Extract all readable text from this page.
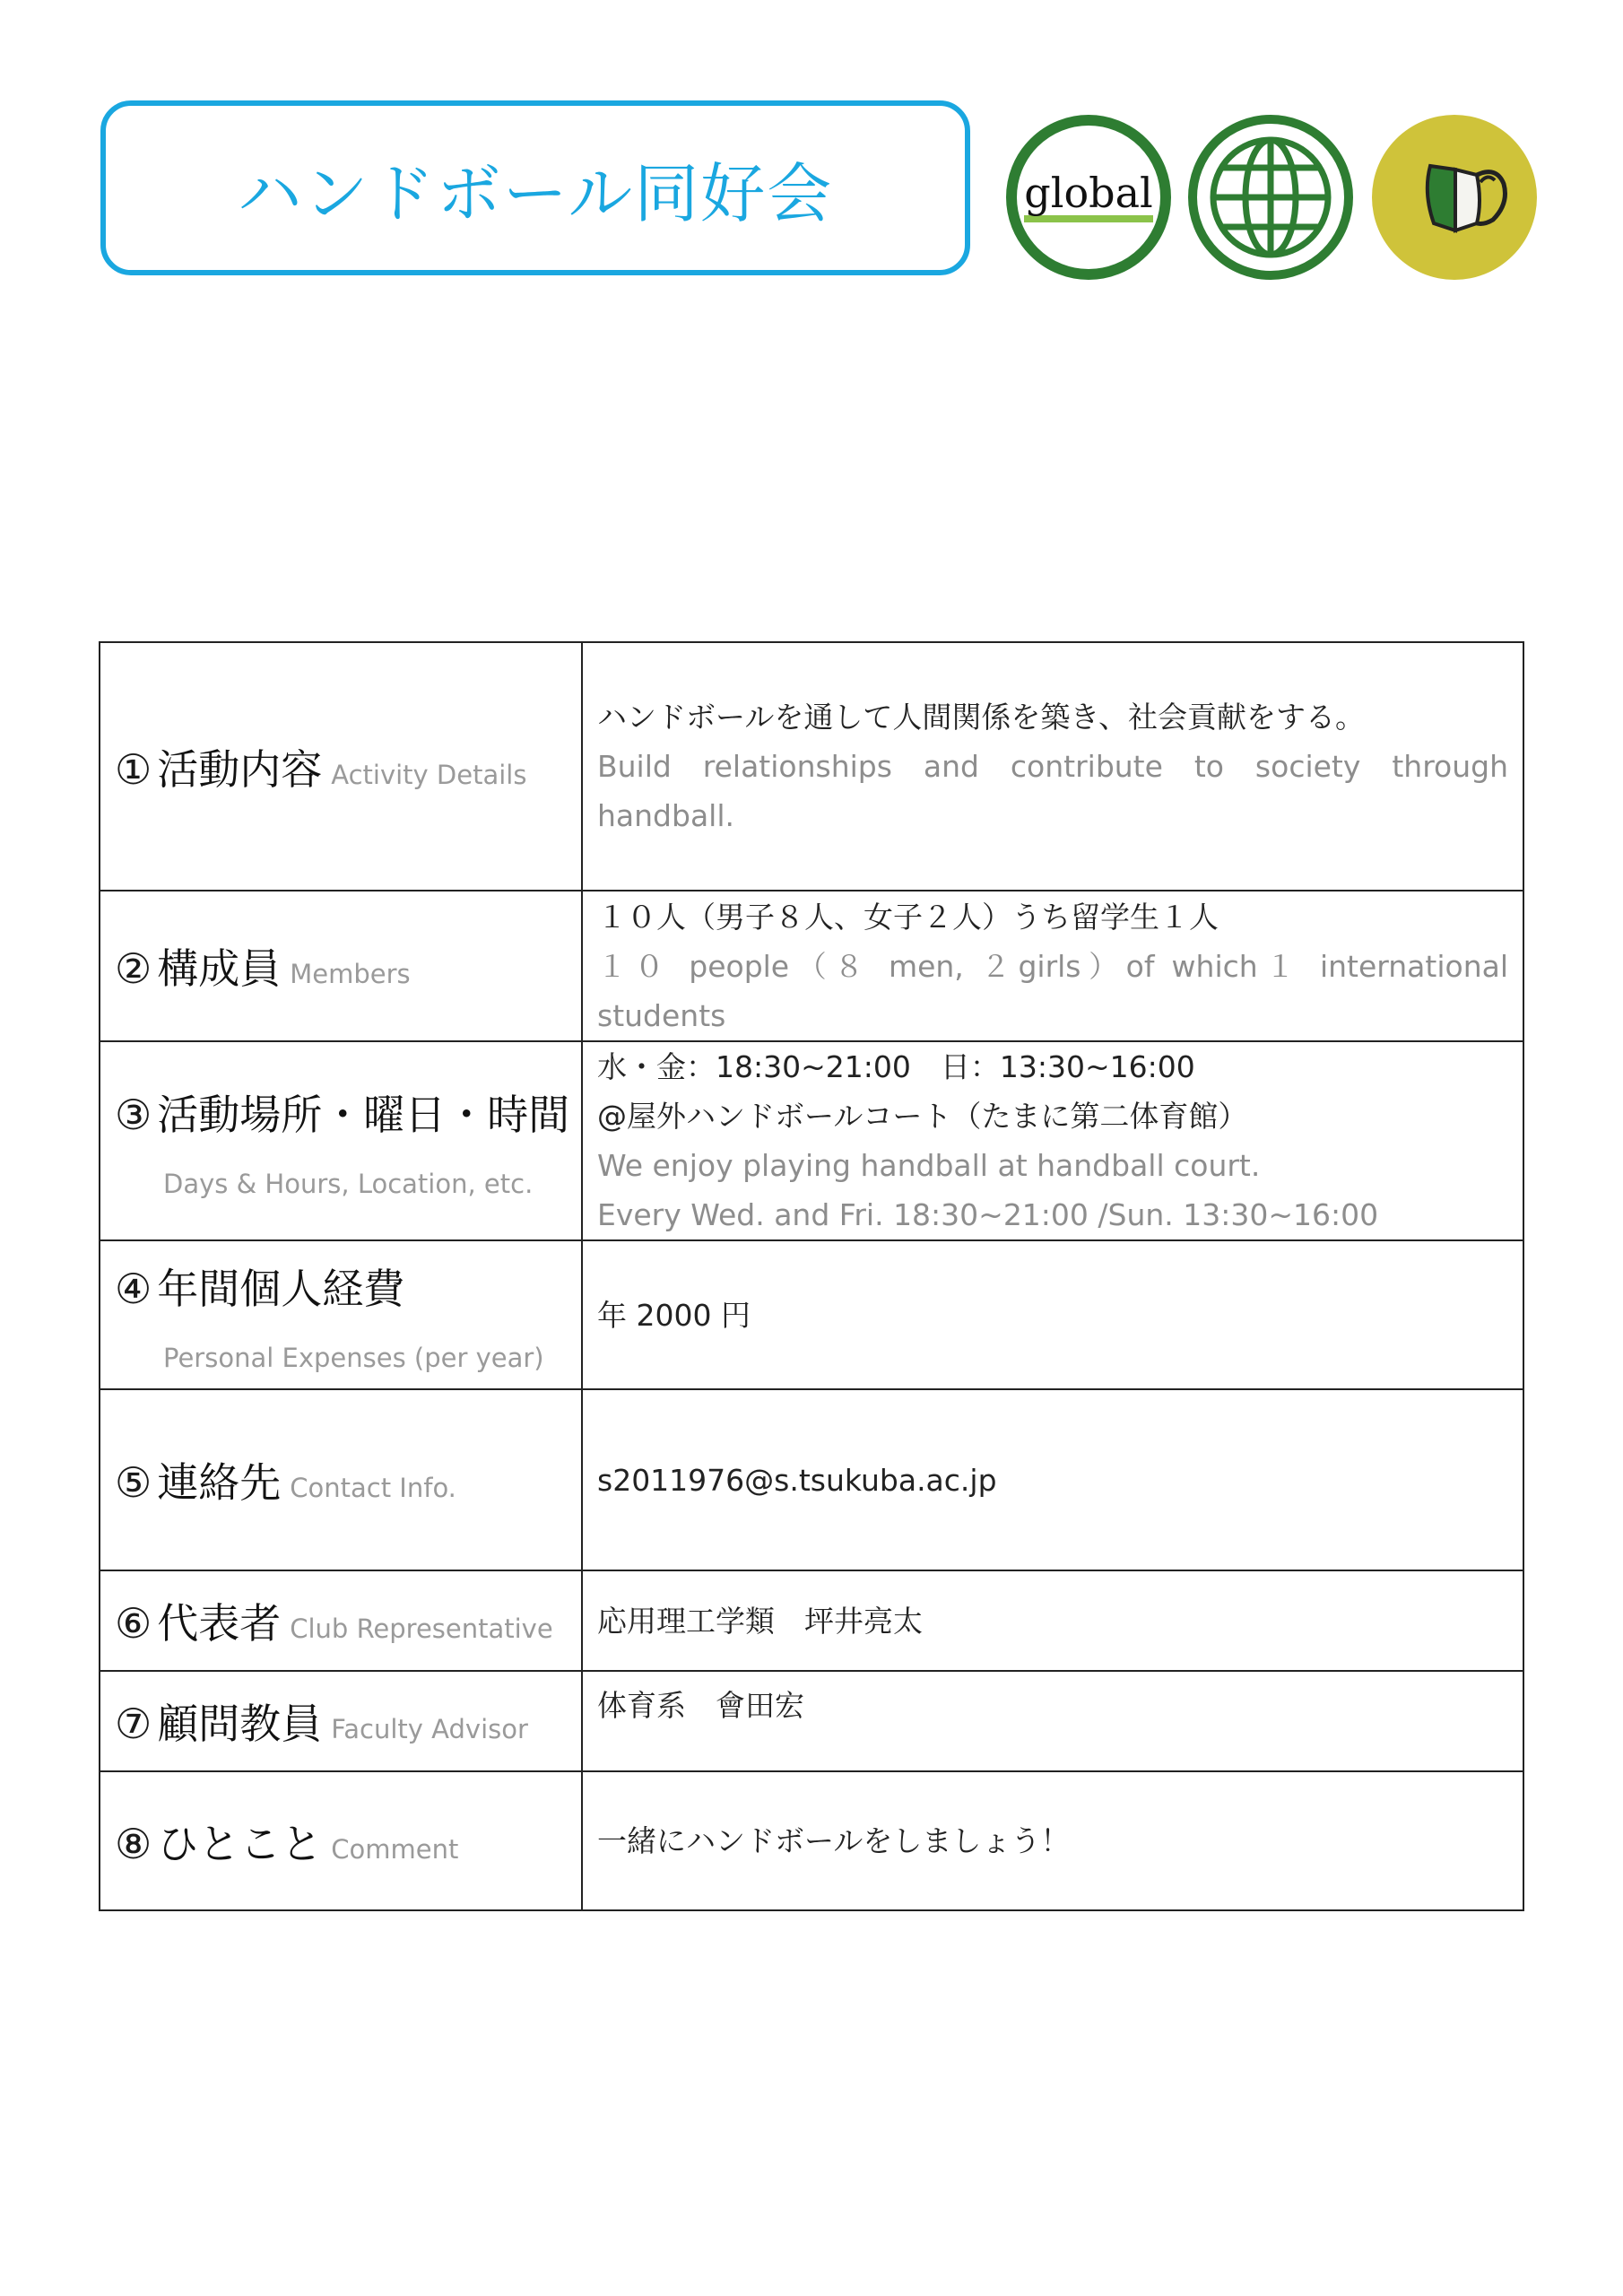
ハンドボール同好会	global
① 活動内容 Activity Details	ハンドボールを通して人間関係を築き、社会貢献をする。
Build relationships and contribute to society through handball.

② 構成員 Members	１０人（男子８人、女子２人）うち留学生１人
１０ people（８ men, ２girls）of which１ international students

③ 活動場所・曜日・時間
Days & Hours, Location, etc.	水・金：18:30~21:00　日：13:30~16:00
@屋外ハンドボールコート（たまに第二体育館）
We enjoy playing handball at handball court.
Every Wed. and Fri. 18:30~21:00 /Sun. 13:30~16:00

④ 年間個人経費
Personal Expenses (per year)	年 2000 円

⑤ 連絡先 Contact Info.	s2011976@s.tsukuba.ac.jp

⑥ 代表者 Club Representative	応用理工学類　坪井亮太

⑦ 顧問教員 Faculty Advisor	体育系　會田宏

⑧ ひとこと Comment	一緒にハンドボールをしましょう！
